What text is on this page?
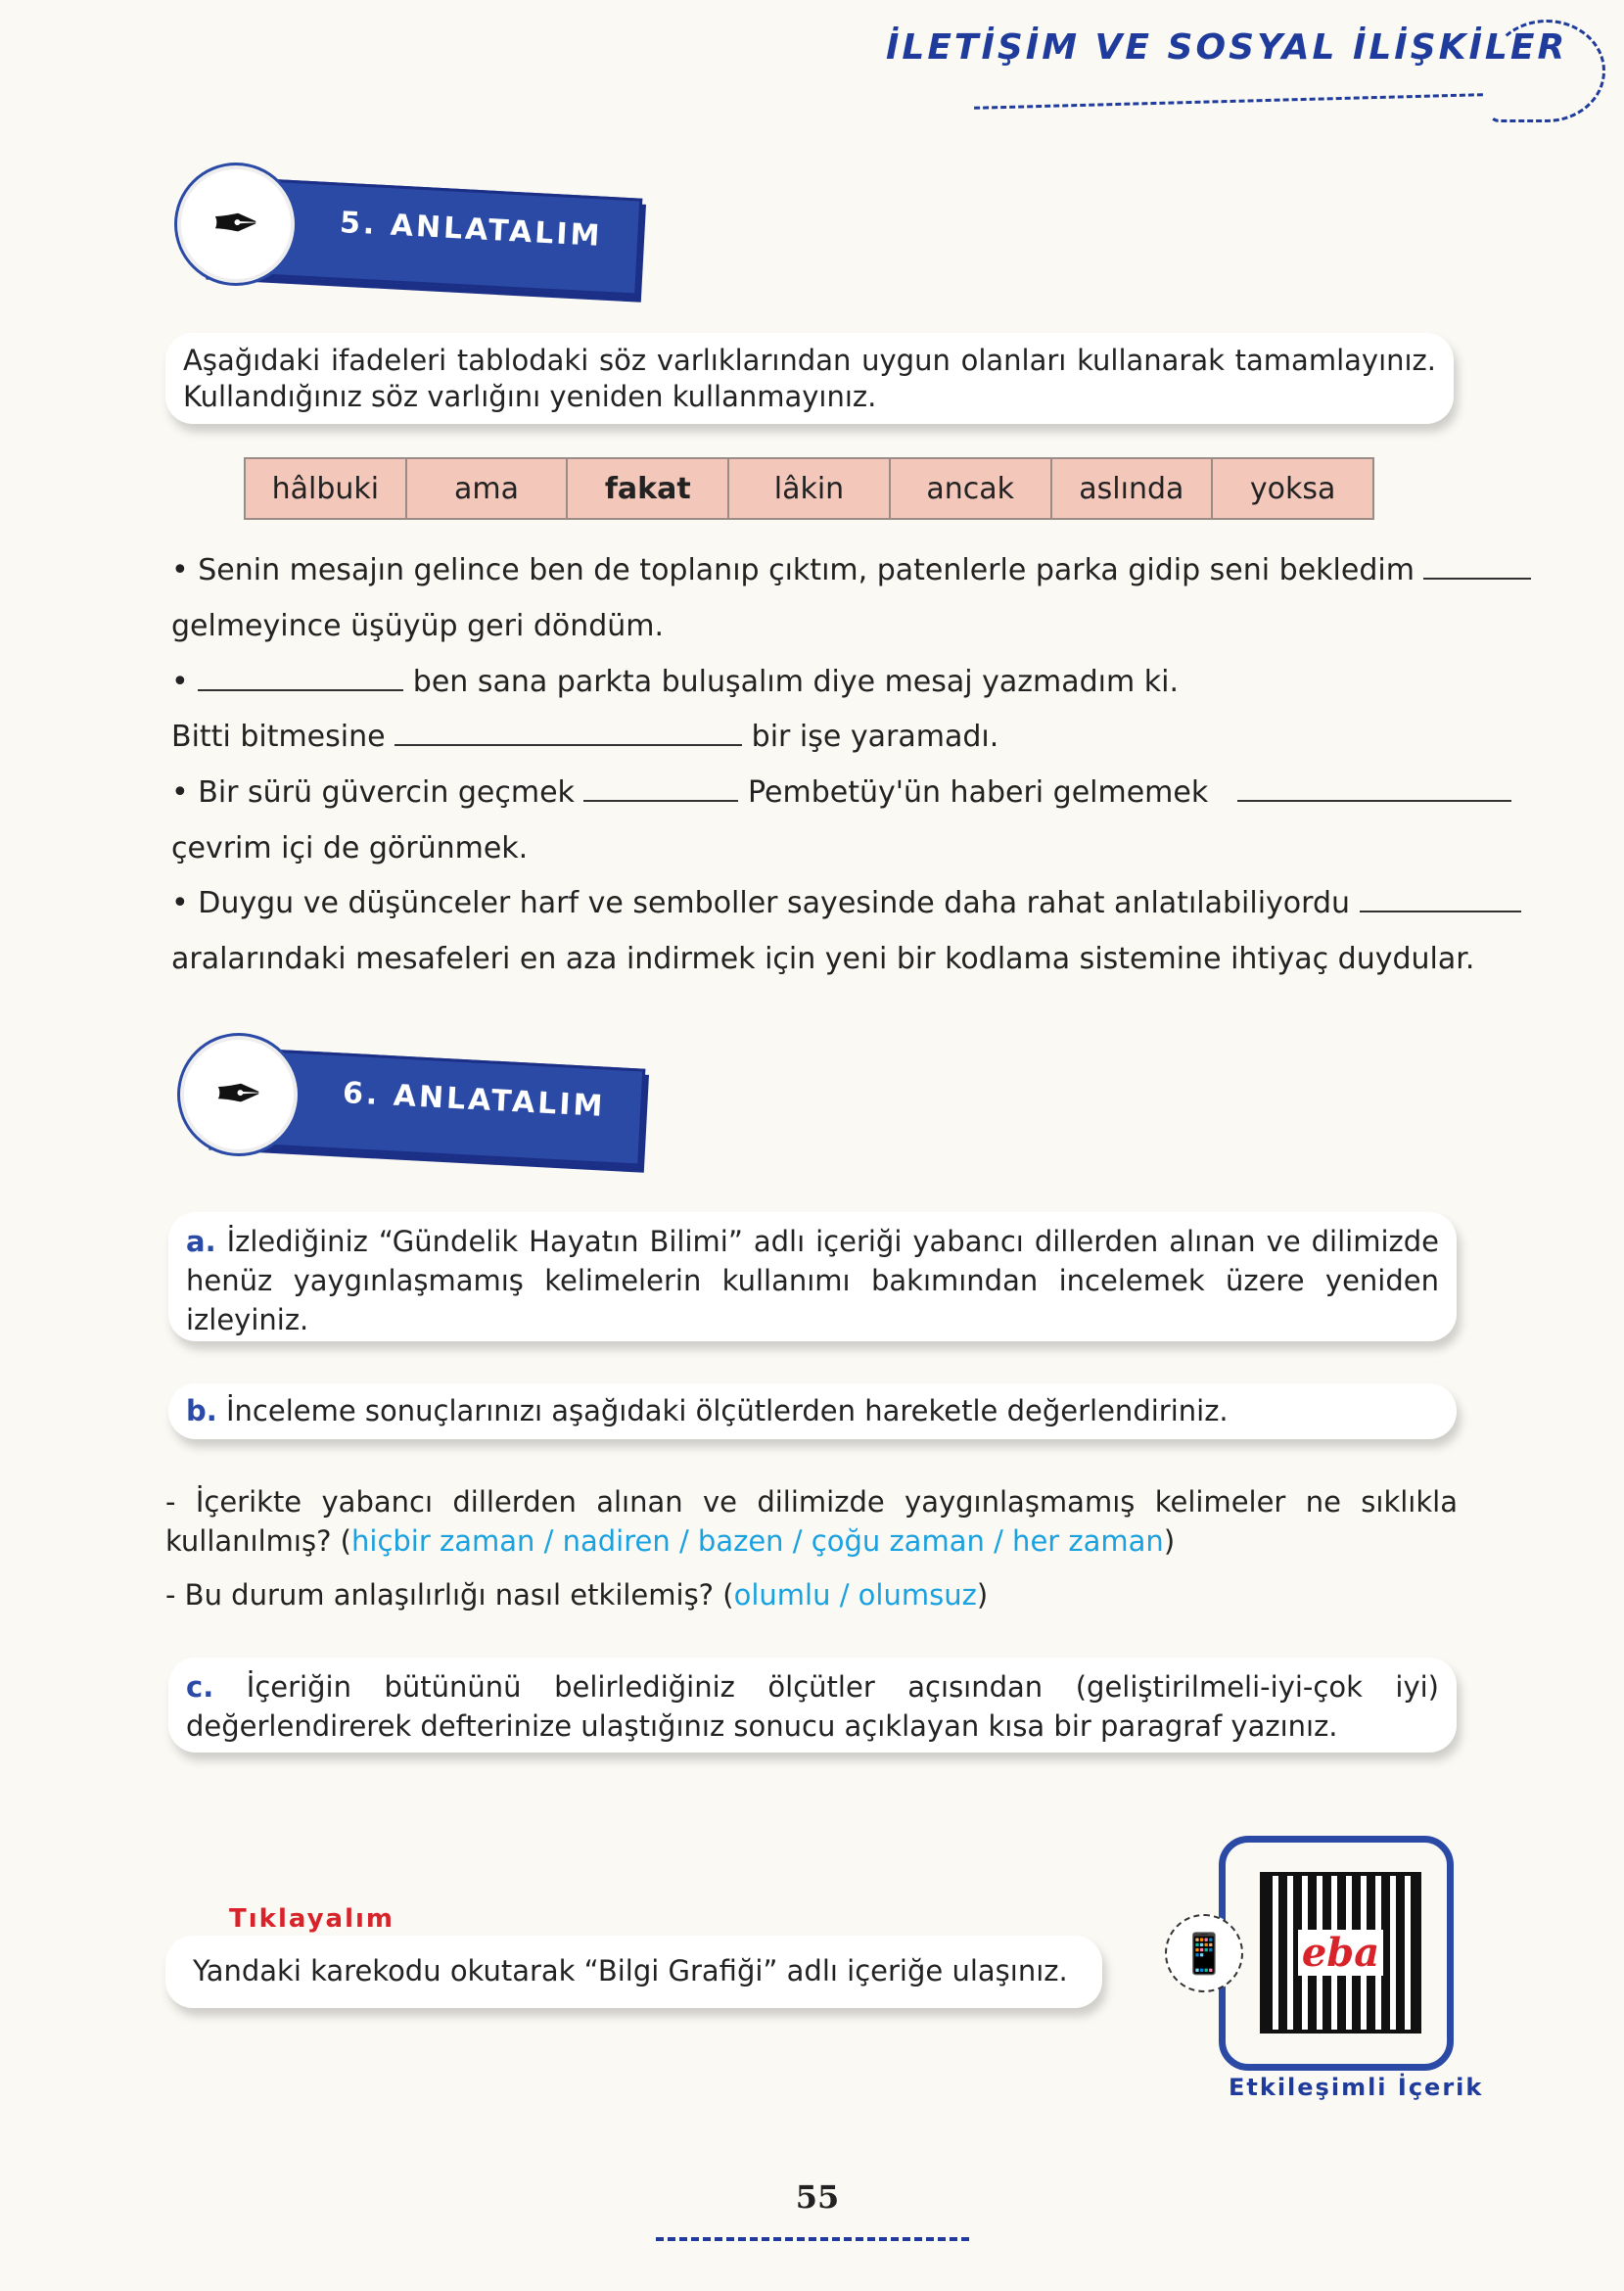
İLETİŞİM VE SOSYAL İLİŞKİLER
✒	5. ANLATALIM
Aşağıdaki ifadeleri tablodaki söz varlıklarından uygun olanları kullanarak tamamlayınız. Kullandığınız söz varlığını yeniden kullanmayınız.
hâlbuki	ama	fakat	lâkin	ancak	aslında	yoksa
• Senin mesajın gelince ben de toplanıp çıktım, patenlerle parka gidip seni bekledim
gelmeyince üşüyüp geri döndüm.
•	ben sana parkta buluşalım diye mesaj yazmadım ki.
Bitti bitmesine	bir işe yaramadı.
• Bir sürü güvercin geçmek	Pembetüy'ün haberi gelmemek
çevrim içi de görünmek.
• Duygu ve düşünceler harf ve semboller sayesinde daha rahat anlatılabiliyordu
aralarındaki mesafeleri en aza indirmek için yeni bir kodlama sistemine ihtiyaç duydular.
✒	6. ANLATALIM
a. İzlediğiniz “Gündelik Hayatın Bilimi” adlı içeriği yabancı dillerden alınan ve dilimizde henüz yaygınlaşmamış kelimelerin kullanımı bakımından incelemek üzere yeniden izleyiniz.
b. İnceleme sonuçlarınızı aşağıdaki ölçütlerden hareketle değerlendiriniz.
- İçerikte yabancı dillerden alınan ve dilimizde yaygınlaşmamış kelimeler ne sıklıkla kullanılmış? (hiçbir zaman / nadiren / bazen / çoğu zaman / her zaman)
- Bu durum anlaşılırlığı nasıl etkilemiş? (olumlu / olumsuz)
c. İçeriğin bütününü belirlediğiniz ölçütler açısından (geliştirilmeli-iyi-çok iyi) değerlendirerek defterinize ulaştığınız sonucu açıklayan kısa bir paragraf yazınız.
Tıklayalım
Yandaki karekodu okutarak “Bilgi Grafiği” adlı içeriğe ulaşınız.	eba
📱
Etkileşimli İçerik
55
